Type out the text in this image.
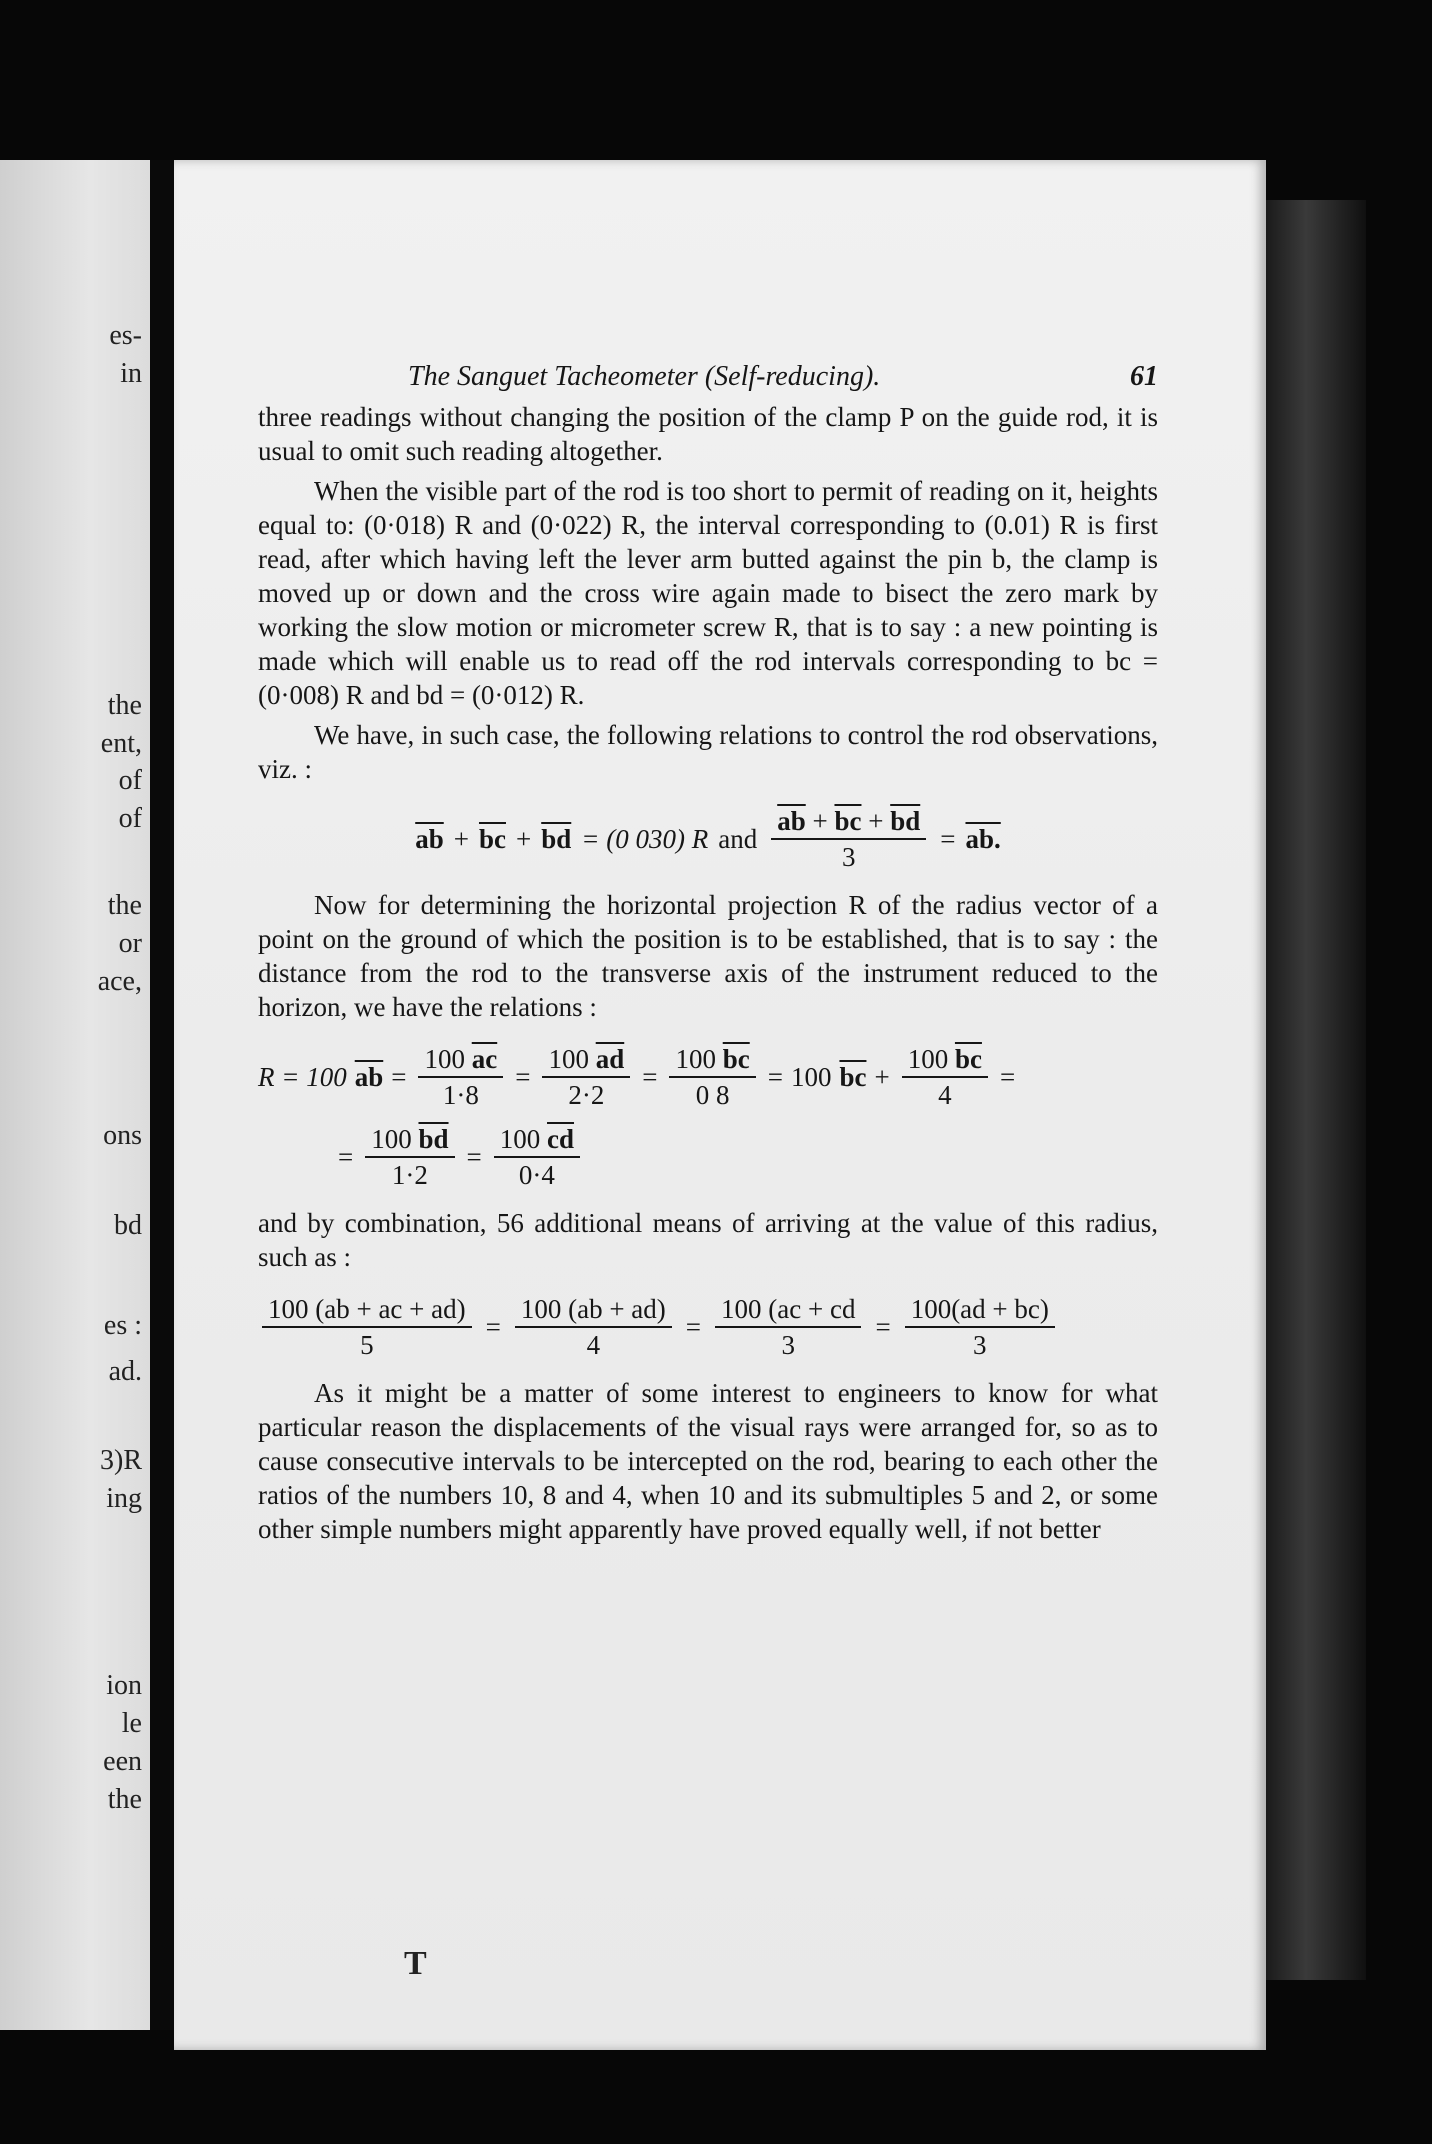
es-
in
the
ent,
of
of
the
or
ace,
ons
bd
es :
ad.
3)R
ing
ion
le
een
the
The Sanguet Tacheometer (Self-reducing).	61

three readings without changing the position of the clamp P on the guide rod, it is usual to omit such reading altogether.

When the visible part of the rod is too short to permit of reading on it, heights equal to: (0·018) R and (0·022) R, the interval corresponding to (0.01) R is first read, after which having left the lever arm butted against the pin b, the clamp is moved up or down and the cross wire again made to bisect the zero mark by working the slow motion or micrometer screw R, that is to say : a new pointing is made which will enable us to read off the rod intervals corresponding to bc = (0·008) R and bd = (0·012) R.

We have, in such case, the following relations to control the rod observations, viz. :

$\overline{ab} + \overline{bc} + \overline{bd} = (0$ 030) R and $\frac{\overline{ab} + \overline{bc} + \overline{bd}}{3}$ = ab.

Now for determining the horizontal projection R of the radius vector of a point on the ground of which the position is to be established, that is to say : the distance from the rod to the transverse axis of the instrument reduced to the horizon, we have the relations :

R = 100 $\overline{ab} = \frac{100 \overline{ac}}{1\cdot 8} = \frac{100 \overline{ad}}{2\cdot 2} = \frac{100 \overline{bc}}{0 8} = 100$ $\overline{bc} + \frac{100 \overline{bc}}{4}$ =
= $\frac{100 \overline{bd}}{1\cdot 2} = \frac{100 \overline{cd}}{0\cdot 4}$

and by combination, 56 additional means of arriving at the value of this radius, such as :

$\frac{100 (ab + ac + ad)}{5} = \frac{100 (ab + ad)}{4} = \frac{100 (ac + cd}{3} = \frac{100(ad + bc)}{3}$

As it might be a matter of some interest to engineers to know for what particular reason the displacements of the visual rays were arranged for, so as to cause consecutive intervals to be intercepted on the rod, bearing to each other the ratios of the numbers 10, 8 and 4, when 10 and its submultiples 5 and 2, or some other simple numbers might apparently have proved equally well, if not better

T
